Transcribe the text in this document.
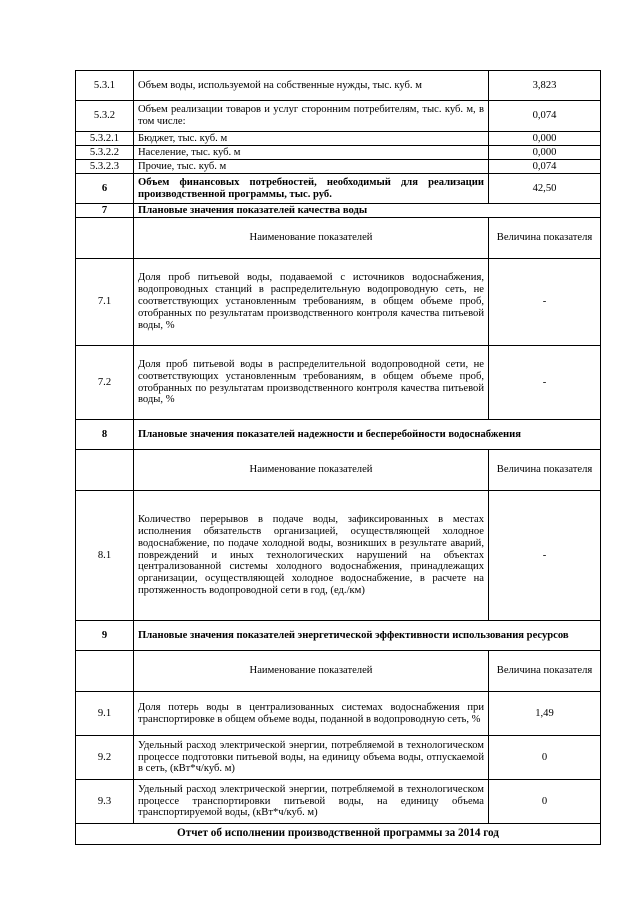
5.3.1	Объем воды, используемой на собственные нужды, тыс. куб. м	3,823
5.3.2	Объем реализации товаров и услуг сторонним потребителям, тыс. куб. м, в том числе:	0,074
5.3.2.1	Бюджет, тыс. куб. м	0,000
5.3.2.2	Население, тыс. куб. м	0,000
5.3.2.3	Прочие, тыс. куб. м	0,074
6	Объем финансовых потребностей, необходимый для реализации производственной программы, тыс. руб.	42,50
7	Плановые значения показателей качества воды	
	Наименование показателей	Величина показателя
7.1	Доля проб питьевой воды, подаваемой с источников водоснабжения, водопроводных станций в распределительную водопроводную сеть, не соответствующих установленным требованиям, в общем объеме проб, отобранных по результатам производственного контроля качества питьевой воды, %	-
7.2	Доля проб питьевой воды в распределительной водопроводной сети, не соответствующих установленным требованиям, в общем объеме проб, отобранных по результатам производственного контроля качества питьевой воды, %	-
8	Плановые значения показателей надежности и бесперебойности водоснабжения	
	Наименование показателей	Величина показателя
8.1	Количество перерывов в подаче воды, зафиксированных в местах исполнения обязательств организацией, осуществляющей холодное водоснабжение, по подаче холодной воды, возникших в результате аварий, повреждений и иных технологических нарушений на объектах централизованной системы холодного водоснабжения, принадлежащих организации, осуществляющей холодное водоснабжение, в расчете на протяженность водопроводной сети в год, (ед./км)	-
9	Плановые значения показателей энергетической эффективности использования ресурсов	
	Наименование показателей	Величина показателя
9.1	Доля потерь воды в централизованных системах водоснабжения при транспортировке в общем объеме воды, поданной в водопроводную сеть, %	1,49
9.2	Удельный расход электрической энергии, потребляемой в технологическом процессе подготовки питьевой воды, на единицу объема воды, отпускаемой в сеть, (кВт*ч/куб. м)	0
9.3	Удельный расход электрической энергии, потребляемой в технологическом процессе транспортировки питьевой воды, на единицу объема транспортируемой воды, (кВт*ч/куб. м)	0
Отчет об исполнении производственной программы за 2014 год		
